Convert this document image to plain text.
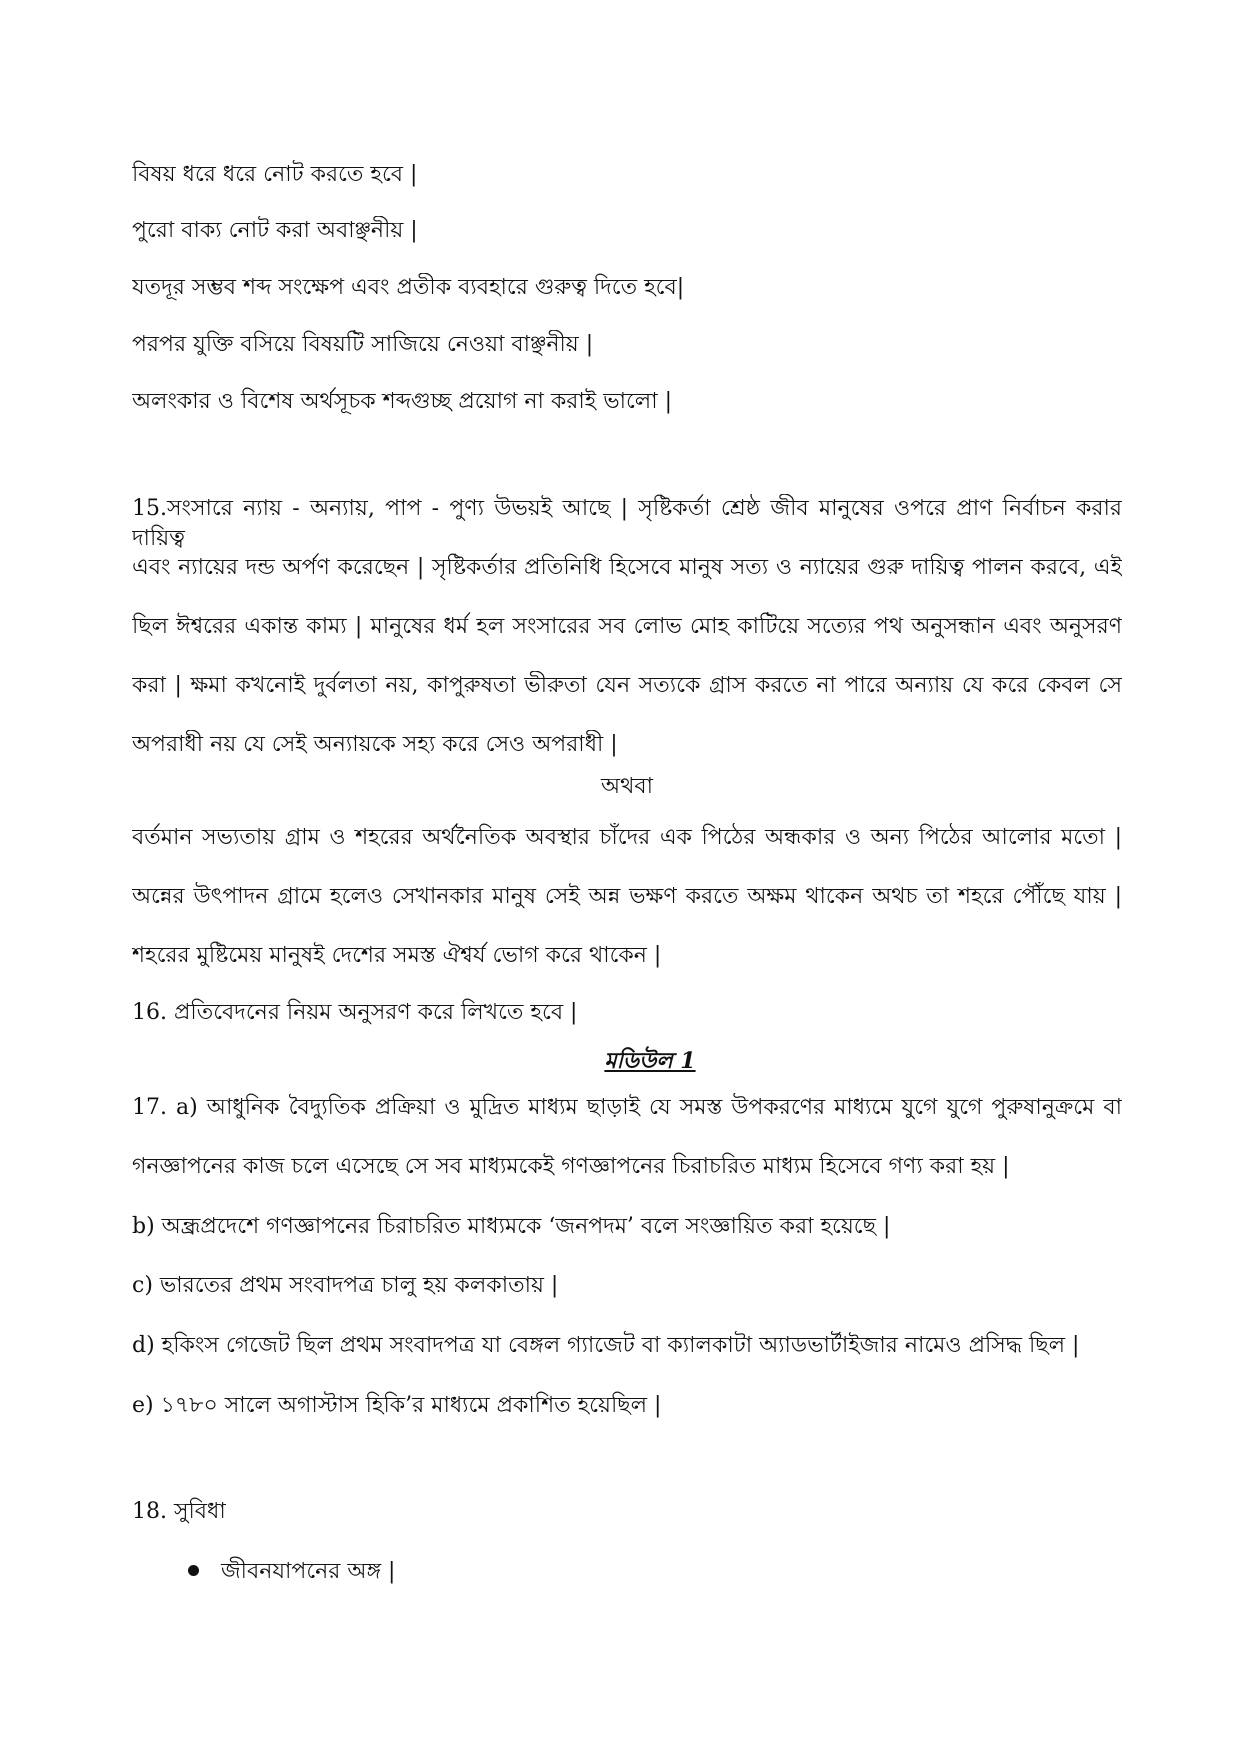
বিষয় ধরে ধরে নোট করতে হবে |
পুরো বাক্য নোট করা অবাঞ্ছনীয় |
যতদূর সম্ভব শব্দ সংক্ষেপ এবং প্রতীক ব্যবহারে গুরুত্ব দিতে হবে|
পরপর যুক্তি বসিয়ে বিষয়টি সাজিয়ে নেওয়া বাঞ্ছনীয় |
অলংকার ও বিশেষ অর্থসূচক শব্দগুচ্ছ প্রয়োগ না করাই ভালো |
15.সংসারে ন্যায় - অন্যায়, পাপ - পুণ্য উভয়ই আছে | সৃষ্টিকর্তা শ্রেষ্ঠ জীব মানুষের ওপরে প্রাণ নির্বাচন করার দায়িত্ব
এবং ন্যায়ের দন্ড অর্পণ করেছেন | সৃষ্টিকর্তার প্রতিনিধি হিসেবে মানুষ সত্য ও ন্যায়ের গুরু দায়িত্ব পালন করবে, এই
ছিল ঈশ্বরের একান্ত কাম্য | মানুষের ধর্ম হল সংসারের সব লোভ মোহ কাটিয়ে সত্যের পথ অনুসন্ধান এবং অনুসরণ
করা | ক্ষমা কখনোই দুর্বলতা নয়, কাপুরুষতা ভীরুতা যেন সত্যকে গ্রাস করতে না পারে অন্যায় যে করে কেবল সে
অপরাধী নয় যে সেই অন্যায়কে সহ্য করে সেও অপরাধী |
অথবা
বর্তমান সভ্যতায় গ্রাম ও শহরের অর্থনৈতিক অবস্থার চাঁদের এক পিঠের অন্ধকার ও অন্য পিঠের আলোর মতো |
অন্নের উৎপাদন গ্রামে হলেও সেখানকার মানুষ সেই অন্ন ভক্ষণ করতে অক্ষম থাকেন অথচ তা শহরে পৌঁছে যায় |
শহরের মুষ্টিমেয় মানুষই দেশের সমস্ত ঐশ্বর্য ভোগ করে থাকেন |
16. প্রতিবেদনের নিয়ম অনুসরণ করে লিখতে হবে |
মডিউল 1
17. a) আধুনিক বৈদ্যুতিক প্রক্রিয়া ও মুদ্রিত মাধ্যম ছাড়াই যে সমস্ত উপকরণের মাধ্যমে যুগে যুগে পুরুষানুক্রমে বা
গনজ্ঞাপনের কাজ চলে এসেছে সে সব মাধ্যমকেই গণজ্ঞাপনের চিরাচরিত মাধ্যম হিসেবে গণ্য করা হয় |
b) অন্ধ্রপ্রদেশে গণজ্ঞাপনের চিরাচরিত মাধ্যমকে ‘জনপদম’ বলে সংজ্ঞায়িত করা হয়েছে |
c) ভারতের প্রথম সংবাদপত্র চালু হয় কলকাতায় |
d) হকিংস গেজেট ছিল প্রথম সংবাদপত্র যা বেঙ্গল গ্যাজেট বা ক্যালকাটা অ্যাডভার্টাইজার নামেও প্রসিদ্ধ ছিল |
e) ১৭৮০ সালে অগাস্টাস হিকি’র মাধ্যমে প্রকাশিত হয়েছিল |
18. সুবিধা
জীবনযাপনের অঙ্গ |
